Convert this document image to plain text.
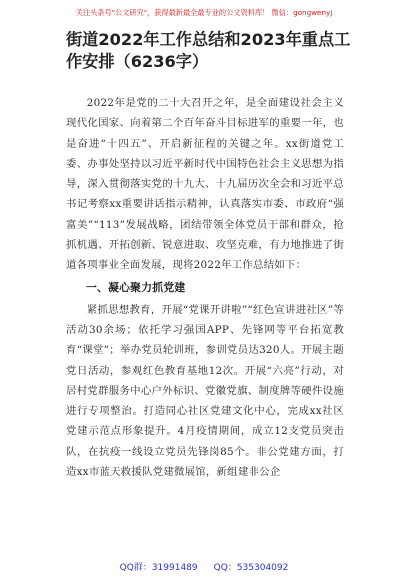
关注头条号"公文研究"，获得最新最全最专业的公文资料库！ 微信：gongwenyj
街道2022年工作总结和2023年重点工作安排（6236字）

2022年是党的二十大召开之年，是全面建设社会主义现代化国家、向着第二个百年奋斗目标进军的重要一年，也是奋进“十四五”、开启新征程的关键之年。xx街道党工委、办事处坚持以习近平新时代中国特色社会主义思想为指导，深入贯彻落实党的十九大、十九届历次全会和习近平总书记考察xx重要讲话指示精神，认真落实市委、市政府“强富美”“113”发展战略，团结带领全体党员干部和群众，抢抓机遇、开拓创新、锐意进取、攻坚克难，有力地推进了街道各项事业全面发展，现将2022年工作总结如下：

一、凝心聚力抓党建

紧抓思想教育，开展“党课开讲啦”“红色宣讲进社区”等活动30余场；依托学习强国APP、先锋网等平台拓宽教育“课堂”；举办党员轮训班，参训党员达320人。开展主题党日活动，参观红色教育基地12次。开展“六亮”行动，对居村党群服务中心户外标识、党徽党旗、制度牌等硬件设施进行专项整治。打造同心社区党建文化中心，完成xx社区党建示范点形象提升。4月疫情期间，成立12支党员突击队，在抗疫一线设立党员先锋岗85个。非公党建方面，打造xx市蓝天救援队党建微展馆，新组建非公企

QQ群：31991489 QQ：535304092
